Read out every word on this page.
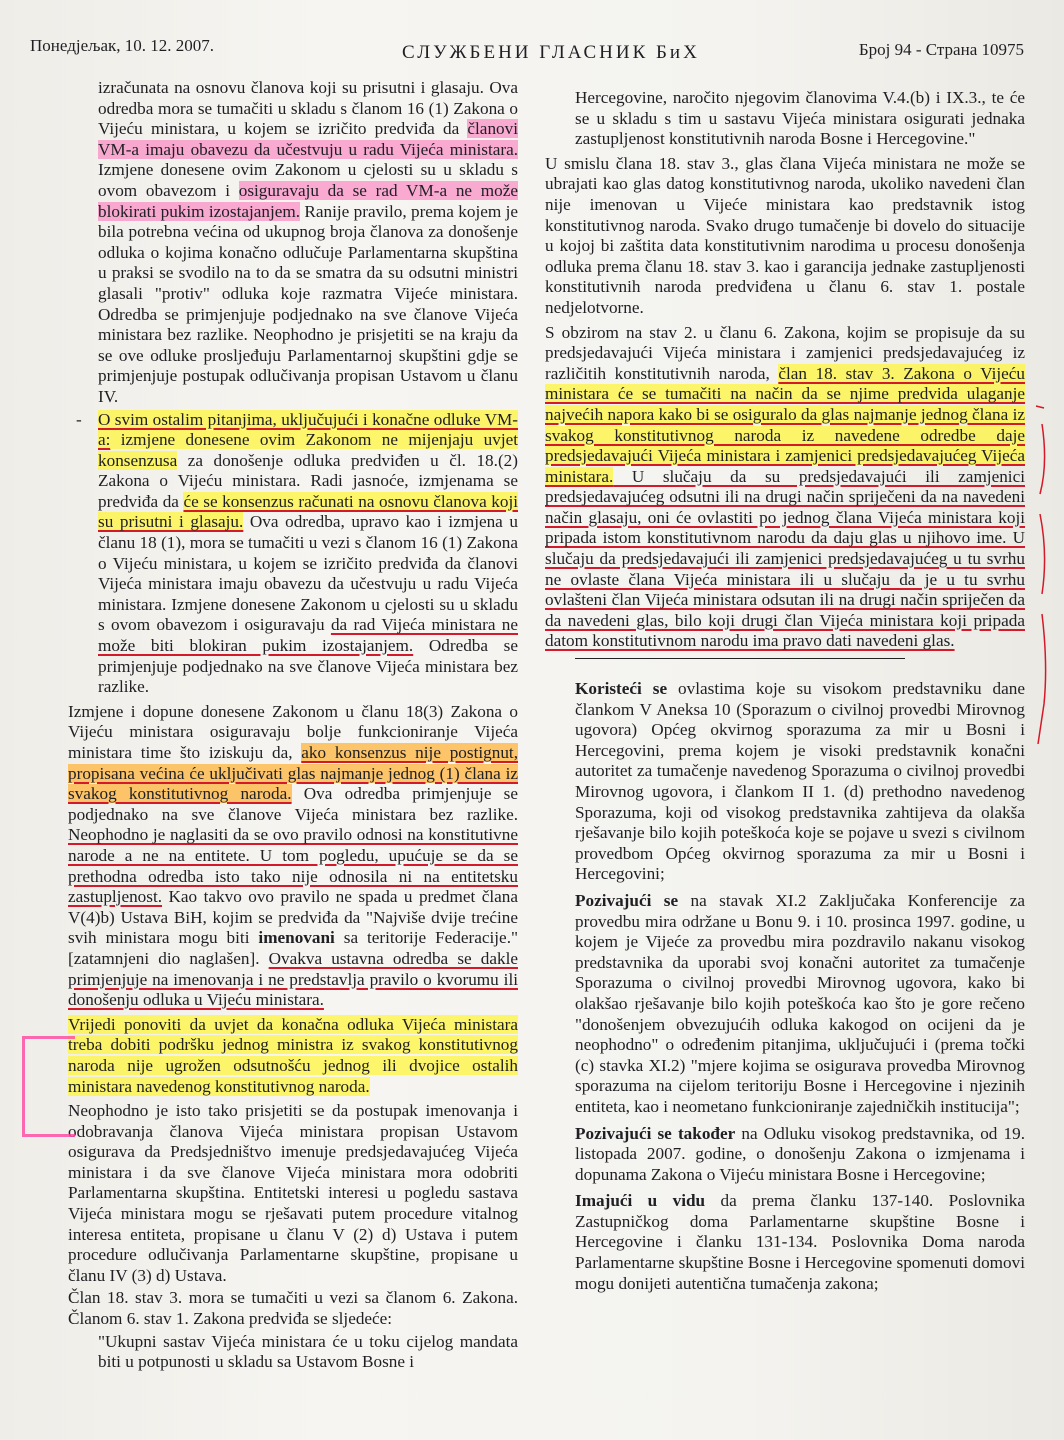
Понедјељак, 10. 12. 2007.	СЛУЖБЕНИ ГЛАСНИК БиХ	Број 94 - Страна 10975

izračunata na osnovu članova koji su prisutni i glasaju. Ova odredba mora se tumačiti u skladu s članom 16 (1) Zakona o Vijeću ministara, u kojem se izričito predviđa da članovi VM-a imaju obavezu da učestvuju u radu Vijeća ministara. Izmjene donesene ovim Zakonom u cjelosti su u skladu s ovom obavezom i osiguravaju da se rad VM-a ne može blokirati pukim izostajanjem. Ranije pravilo, prema kojem je bila potrebna većina od ukupnog broja članova za donošenje odluka o kojima konačno odlučuje Parlamentarna skupština u praksi se svodilo na to da se smatra da su odsutni ministri glasali "protiv" odluka koje razmatra Vijeće ministara. Odredba se primjenjuje podjednako na sve članove Vijeća ministara bez razlike. Neophodno je prisjetiti se na kraju da se ove odluke prosljeđuju Parlamentarnoj skupštini gdje se primjenjuje postupak odlučivanja propisan Ustavom u članu IV.

- O svim ostalim pitanjima, uključujući i konačne odluke VM-a: izmjene donesene ovim Zakonom ne mijenjaju uvjet konsenzusa za donošenje odluka predviđen u čl. 18.(2) Zakona o Vijeću ministara. Radi jasnoće, izmjenama se predviđa da će se konsenzus računati na osnovu članova koji su prisutni i glasaju. Ova odredba, upravo kao i izmjena u članu 18 (1), mora se tumačiti u vezi s članom 16 (1) Zakona o Vijeću ministara, u kojem se izričito predviđa da članovi Vijeća ministara imaju obavezu da učestvuju u radu Vijeća ministara. Izmjene donesene Zakonom u cjelosti su u skladu s ovom obavezom i osiguravaju da rad Vijeća ministara ne može biti blokiran pukim izostajanjem. Odredba se primjenjuje podjednako na sve članove Vijeća ministara bez razlike.

Izmjene i dopune donesene Zakonom u članu 18(3) Zakona o Vijeću ministara osiguravaju bolje funkcioniranje Vijeća ministara time što iziskuju da, ako konsenzus nije postignut, propisana većina će uključivati glas najmanje jednog (1) člana iz svakog konstitutivnog naroda. Ova odredba primjenjuje se podjednako na sve članove Vijeća ministara bez razlike. Neophodno je naglasiti da se ovo pravilo odnosi na konstitutivne narode a ne na entitete. U tom pogledu, upućuje se da se prethodna odredba isto tako nije odnosila ni na entitetsku zastupljenost. Kao takvo ovo pravilo ne spada u predmet člana V(4)b) Ustava BiH, kojim se predviđa da "Najviše dvije trećine svih ministara mogu biti imenovani sa teritorije Federacije." [zatamnjeni dio naglašen]. Ovakva ustavna odredba se dakle primjenjuje na imenovanja i ne predstavlja pravilo o kvorumu ili donošenju odluka u Vijeću ministara.

Vrijedi ponoviti da uvjet da konačna odluka Vijeća ministara treba dobiti podršku jednog ministra iz svakog konstitutivnog naroda nije ugrožen odsutnošću jednog ili dvojice ostalih ministara navedenog konstitutivnog naroda.

Neophodno je isto tako prisjetiti se da postupak imenovanja i odobravanja članova Vijeća ministara propisan Ustavom osigurava da Predsjedništvo imenuje predsjedavajućeg Vijeća ministara i da sve članove Vijeća ministara mora odobriti Parlamentarna skupština. Entitetski interesi u pogledu sastava Vijeća ministara mogu se rješavati putem procedure vitalnog interesa entiteta, propisane u članu V (2) d) Ustava i putem procedure odlučivanja Parlamentarne skupštine, propisane u članu IV (3) d) Ustava.

Član 18. stav 3. mora se tumačiti u vezi sa članom 6. Zakona. Članom 6. stav 1. Zakona predviđa se sljedeće:

"Ukupni sastav Vijeća ministara će u toku cijelog mandata biti u potpunosti u skladu sa Ustavom Bosne i

Hercegovine, naročito njegovim članovima V.4.(b) i IX.3., te će se u skladu s tim u sastavu Vijeća ministara osigurati jednaka zastupljenost konstitutivnih naroda Bosne i Hercegovine."

U smislu člana 18. stav 3., glas člana Vijeća ministara ne može se ubrajati kao glas datog konstitutivnog naroda, ukoliko navedeni član nije imenovan u Vijeće ministara kao predstavnik istog konstitutivnog naroda. Svako drugo tumačenje bi dovelo do situacije u kojoj bi zaštita data konstitutivnim narodima u procesu donošenja odluka prema članu 18. stav 3. kao i garancija jednake zastupljenosti konstitutivnih naroda predviđena u članu 6. stav 1. postale nedjelotvorne.

S obzirom na stav 2. u članu 6. Zakona, kojim se propisuje da su predsjedavajući Vijeća ministara i zamjenici predsjedavajućeg iz različitih konstitutivnih naroda, član 18. stav 3. Zakona o Vijeću ministara će se tumačiti na način da se njime predvida ulaganje najvećih napora kako bi se osiguralo da glas najmanje jednog člana iz svakog konstitutivnog naroda iz navedene odredbe daje predsjedavajući Vijeća ministara i zamjenici predsjedavajućeg Vijeća ministara. U slučaju da su predsjedavajući ili zamjenici predsjedavajućeg odsutni ili na drugi način spriječeni da na navedeni način glasaju, oni će ovlastiti po jednog člana Vijeća ministara koji pripada istom konstitutivnom narodu da daju glas u njihovo ime. U slučaju da predsjedavajući ili zamjenici predsjedavajućeg u tu svrhu ne ovlaste člana Vijeća ministara ili u slučaju da je u tu svrhu ovlašteni član Vijeća ministara odsutan ili na drugi način spriječen da da navedeni glas, bilo koji drugi član Vijeća ministara koji pripada datom konstitutivnom narodu ima pravo dati navedeni glas.

Koristeći se ovlastima koje su visokom predstavniku dane člankom V Aneksa 10 (Sporazum o civilnoj provedbi Mirovnog ugovora) Općeg okvirnog sporazuma za mir u Bosni i Hercegovini, prema kojem je visoki predstavnik konačni autoritet za tumačenje navedenog Sporazuma o civilnoj provedbi Mirovnog ugovora, i člankom II 1. (d) prethodno navedenog Sporazuma, koji od visokog predstavnika zahtijeva da olakša rješavanje bilo kojih poteškoća koje se pojave u svezi s civilnom provedbom Općeg okvirnog sporazuma za mir u Bosni i Hercegovini;

Pozivajući se na stavak XI.2 Zaključaka Konferencije za provedbu mira održane u Bonu 9. i 10. prosinca 1997. godine, u kojem je Vijeće za provedbu mira pozdravilo nakanu visokog predstavnika da uporabi svoj konačni autoritet za tumačenje Sporazuma o civilnoj provedbi Mirovnog ugovora, kako bi olakšao rješavanje bilo kojih poteškoća kao što je gore rečeno "donošenjem obvezujućih odluka kakogod on ocijeni da je neophodno" o određenim pitanjima, uključujući i (prema točki (c) stavka XI.2) "mjere kojima se osigurava provedba Mirovnog sporazuma na cijelom teritoriju Bosne i Hercegovine i njezinih entiteta, kao i neometano funkcioniranje zajedničkih institucija";

Pozivajući se također na Odluku visokog predstavnika, od 19. listopada 2007. godine, o donošenju Zakona o izmjenama i dopunama Zakona o Vijeću ministara Bosne i Hercegovine;

Imajući u vidu da prema članku 137-140. Poslovnika Zastupničkog doma Parlamentarne skupštine Bosne i Hercegovine i članku 131-134. Poslovnika Doma naroda Parlamentarne skupštine Bosne i Hercegovine spomenuti domovi mogu donijeti autentična tumačenja zakona;
